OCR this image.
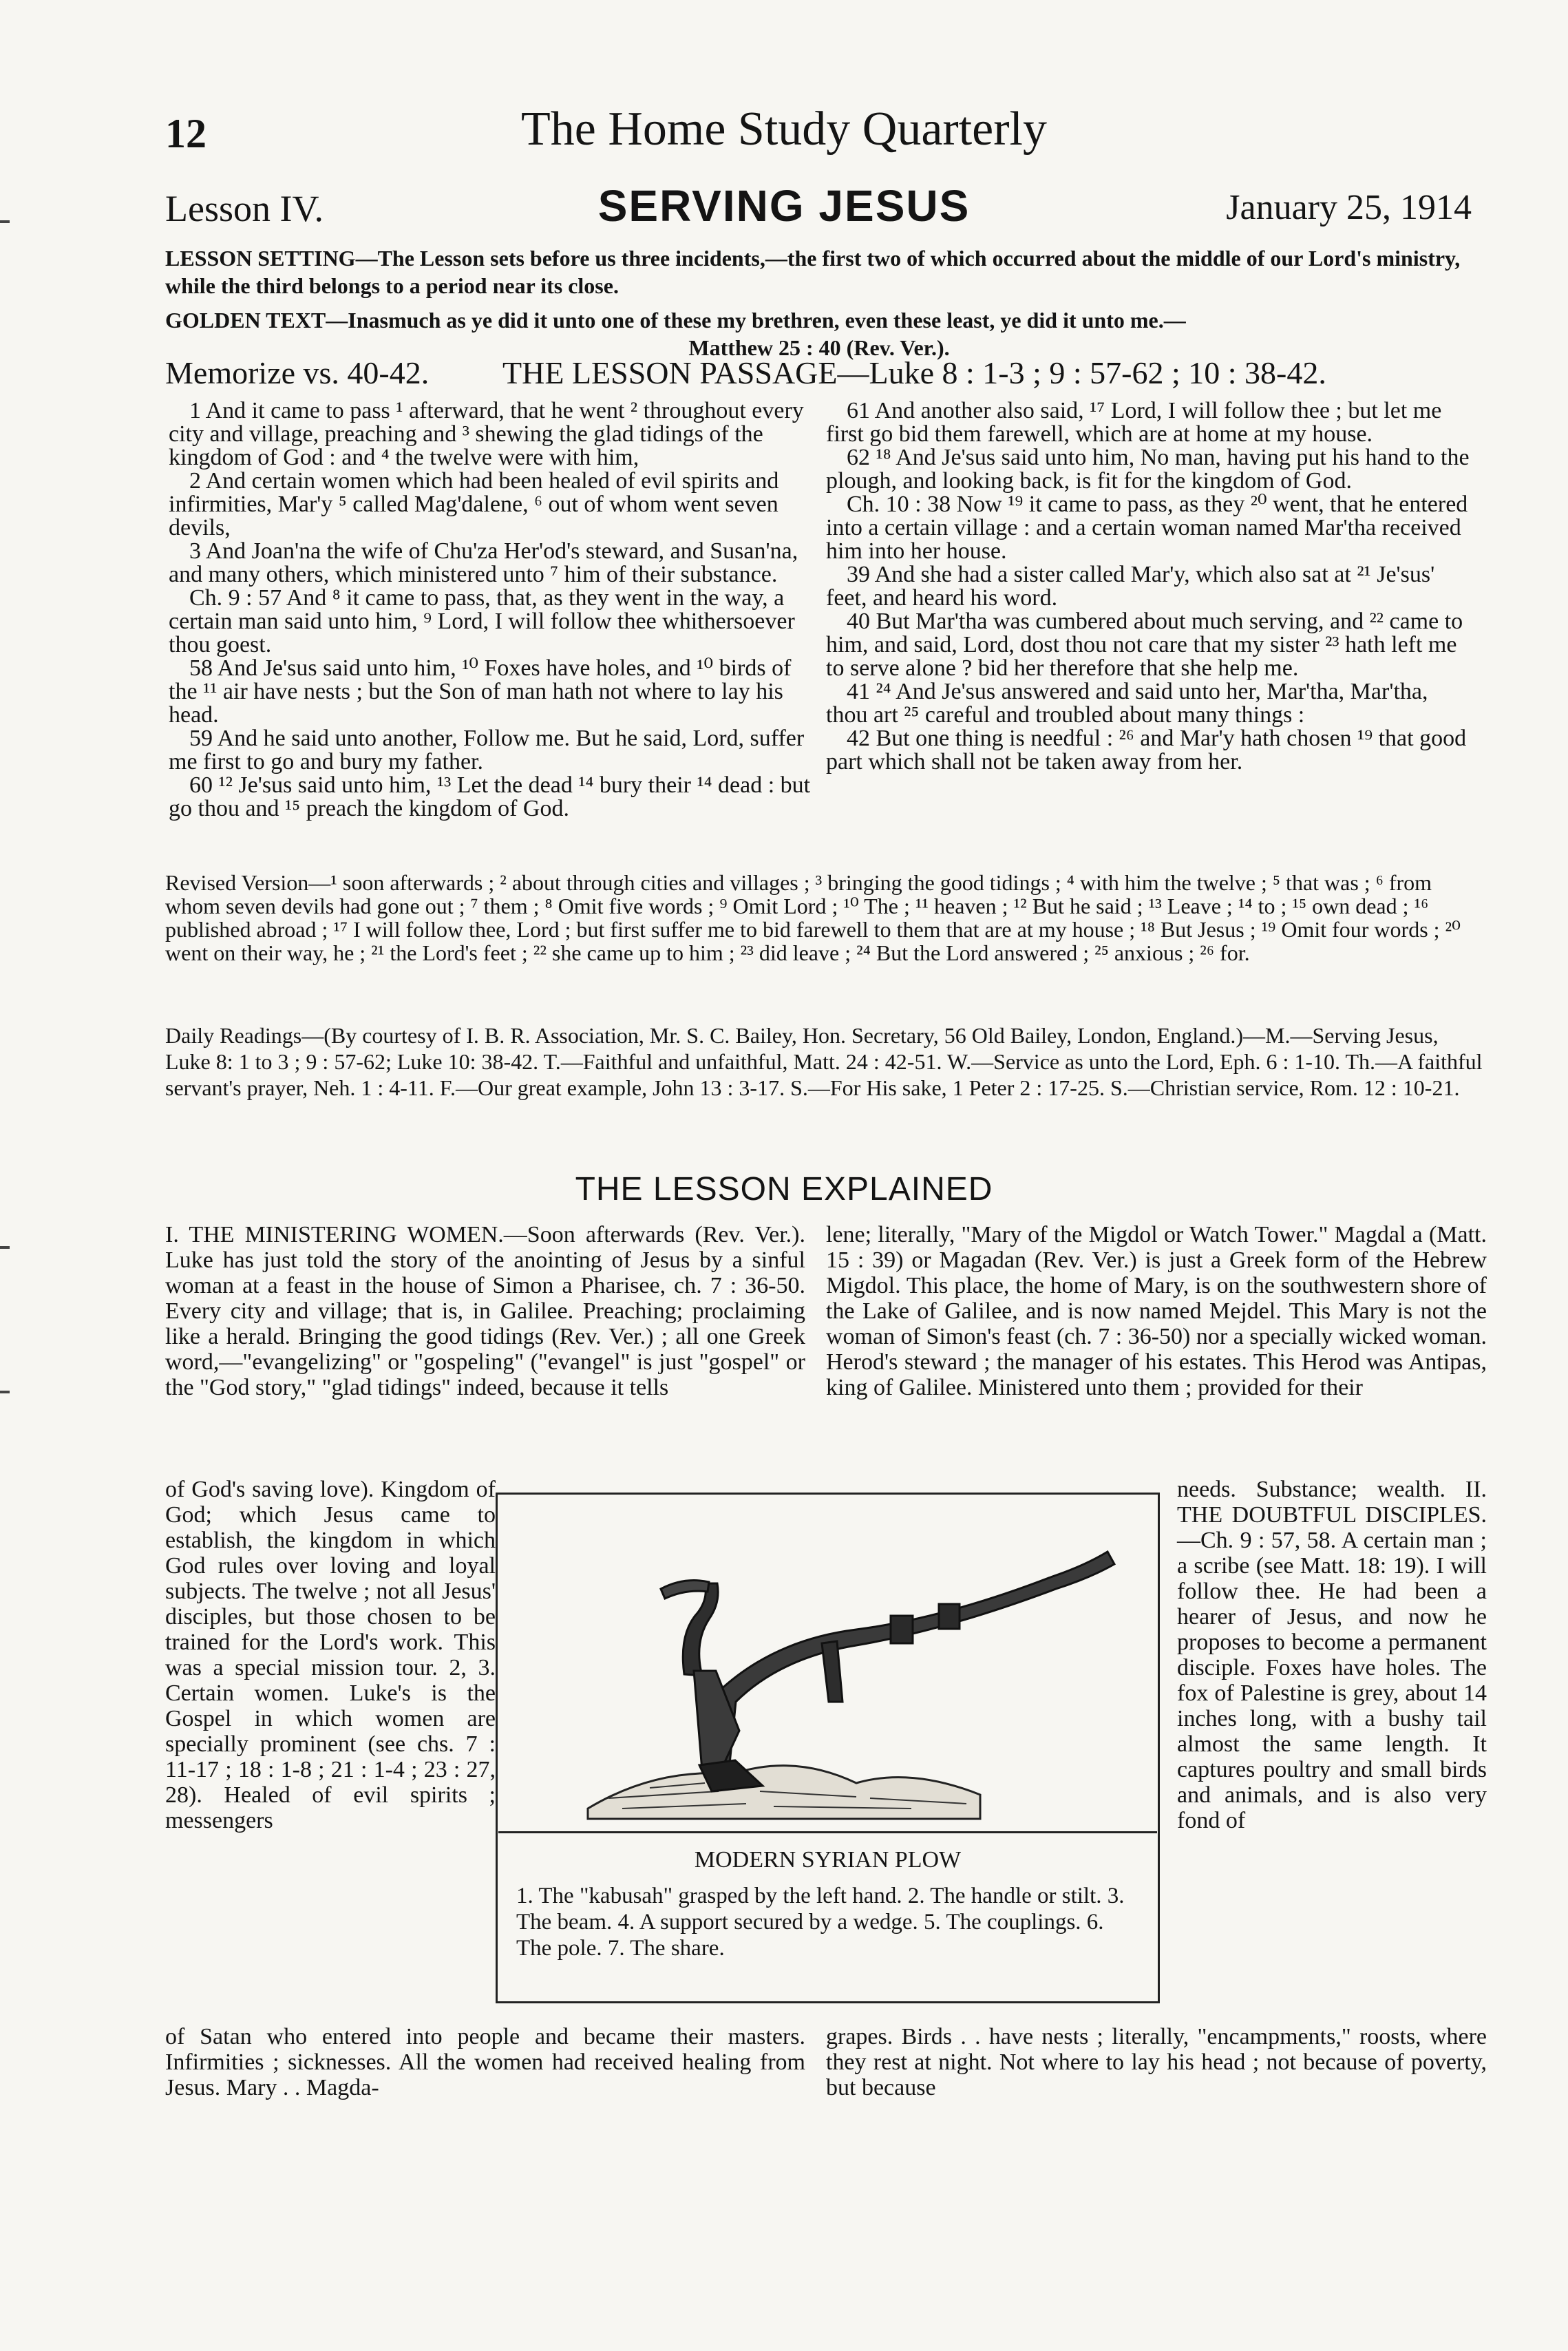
12	The Home Study Quarterly
Lesson IV.	SERVING JESUS	January 25, 1914
LESSON SETTING—The Lesson sets before us three incidents,—the first two of which occurred about the middle of our Lord's ministry, while the third belongs to a period near its close.
GOLDEN TEXT—Inasmuch as ye did it unto one of these my brethren, even these least, ye did it unto me.—
Matthew 25 : 40 (Rev. Ver.).
Memorize vs. 40-42. THE LESSON PASSAGE—Luke 8 : 1-3 ; 9 : 57-62 ; 10 : 38-42.

1 And it came to pass ¹ afterward, that he went ² throughout every city and village, preaching and ³ shewing the glad tidings of the kingdom of God : and ⁴ the twelve were with him,

2 And certain women which had been healed of evil spirits and infirmities, Mar'y ⁵ called Mag'dalene, ⁶ out of whom went seven devils,

3 And Joan'na the wife of Chu'za Her'od's steward, and Susan'na, and many others, which ministered unto ⁷ him of their substance.

Ch. 9 : 57 And ⁸ it came to pass, that, as they went in the way, a certain man said unto him, ⁹ Lord, I will follow thee whithersoever thou goest.

58 And Je'sus said unto him, ¹⁰ Foxes have holes, and ¹⁰ birds of the ¹¹ air have nests ; but the Son of man hath not where to lay his head.

59 And he said unto another, Follow me. But he said, Lord, suffer me first to go and bury my father.

60 ¹² Je'sus said unto him, ¹³ Let the dead ¹⁴ bury their ¹⁴ dead : but go thou and ¹⁵ preach the kingdom of God.

61 And another also said, ¹⁷ Lord, I will follow thee ; but let me first go bid them farewell, which are at home at my house.

62 ¹⁸ And Je'sus said unto him, No man, having put his hand to the plough, and looking back, is fit for the kingdom of God.

Ch. 10 : 38 Now ¹⁹ it came to pass, as they ²⁰ went, that he entered into a certain village : and a certain woman named Mar'tha received him into her house.

39 And she had a sister called Mar'y, which also sat at ²¹ Je'sus' feet, and heard his word.

40 But Mar'tha was cumbered about much serving, and ²² came to him, and said, Lord, dost thou not care that my sister ²³ hath left me to serve alone ? bid her therefore that she help me.

41 ²⁴ And Je'sus answered and said unto her, Mar'tha, Mar'tha, thou art ²⁵ careful and troubled about many things :

42 But one thing is needful : ²⁶ and Mar'y hath chosen ¹⁹ that good part which shall not be taken away from her.

Revised Version—¹ soon afterwards ; ² about through cities and villages ; ³ bringing the good tidings ; ⁴ with him the twelve ; ⁵ that was ; ⁶ from whom seven devils had gone out ; ⁷ them ; ⁸ Omit five words ; ⁹ Omit Lord ; ¹⁰ The ; ¹¹ heaven ; ¹² But he said ; ¹³ Leave ; ¹⁴ to ; ¹⁵ own dead ; ¹⁶ published abroad ; ¹⁷ I will follow thee, Lord ; but first suffer me to bid farewell to them that are at my house ; ¹⁸ But Jesus ; ¹⁹ Omit four words ; ²⁰ went on their way, he ; ²¹ the Lord's feet ; ²² she came up to him ; ²³ did leave ; ²⁴ But the Lord answered ; ²⁵ anxious ; ²⁶ for.
Daily Readings—(By courtesy of I. B. R. Association, Mr. S. C. Bailey, Hon. Secretary, 56 Old Bailey, London, England.)—M.—Serving Jesus, Luke 8: 1 to 3 ; 9 : 57-62; Luke 10: 38-42. T.—Faithful and unfaithful, Matt. 24 : 42-51. W.—Service as unto the Lord, Eph. 6 : 1-10. Th.—A faithful servant's prayer, Neh. 1 : 4-11. F.—Our great example, John 13 : 3-17. S.—For His sake, 1 Peter 2 : 17-25. S.—Christian service, Rom. 12 : 10-21.
THE LESSON EXPLAINED

I. THE MINISTERING WOMEN.—Soon afterwards (Rev. Ver.). Luke has just told the story of the anointing of Jesus by a sinful woman at a feast in the house of Simon a Pharisee, ch. 7 : 36-50. Every city and village; that is, in Galilee. Preaching; proclaiming like a herald. Bringing the good tidings (Rev. Ver.) ; all one Greek word,—"evangelizing" or "gospeling" ("evangel" is just "gospel" or the "God story," "glad tidings" indeed, because it tells

lene; literally, "Mary of the Migdol or Watch Tower." Magdal a (Matt. 15 : 39) or Magadan (Rev. Ver.) is just a Greek form of the Hebrew Migdol. This place, the home of Mary, is on the southwestern shore of the Lake of Galilee, and is now named Mejdel. This Mary is not the woman of Simon's feast (ch. 7 : 36-50) nor a specially wicked woman. Herod's steward ; the manager of his estates. This Herod was Antipas, king of Galilee. Ministered unto them ; provided for their

of God's saving love). Kingdom of God; which Jesus came to establish, the kingdom in which God rules over loving and loyal subjects. The twelve ; not all Jesus' disciples, but those chosen to be trained for the Lord's work. This was a special mission tour. 2, 3. Certain women. Luke's is the Gospel in which women are specially prominent (see chs. 7 : 11-17 ; 18 : 1-8 ; 21 : 1-4 ; 23 : 27, 28). Healed of evil spirits ; messengers

needs. Substance; wealth. II. THE DOUBTFUL DISCIPLES.—Ch. 9 : 57, 58. A certain man ; a scribe (see Matt. 18: 19). I will follow thee. He had been a hearer of Jesus, and now he proposes to become a permanent disciple. Foxes have holes. The fox of Palestine is grey, about 14 inches long, with a bushy tail almost the same length. It captures poultry and small birds and animals, and is also very fond of

of Satan who entered into people and became their masters. Infirmities ; sicknesses. All the women had received healing from Jesus. Mary . . Magda-

grapes. Birds . . have nests ; literally, "encampments," roosts, where they rest at night. Not where to lay his head ; not because of poverty, but because

MODERN SYRIAN PLOW
1. The "kabusah" grasped by the left hand. 2. The handle or stilt. 3. The beam. 4. A support secured by a wedge. 5. The couplings. 6. The pole. 7. The share.
